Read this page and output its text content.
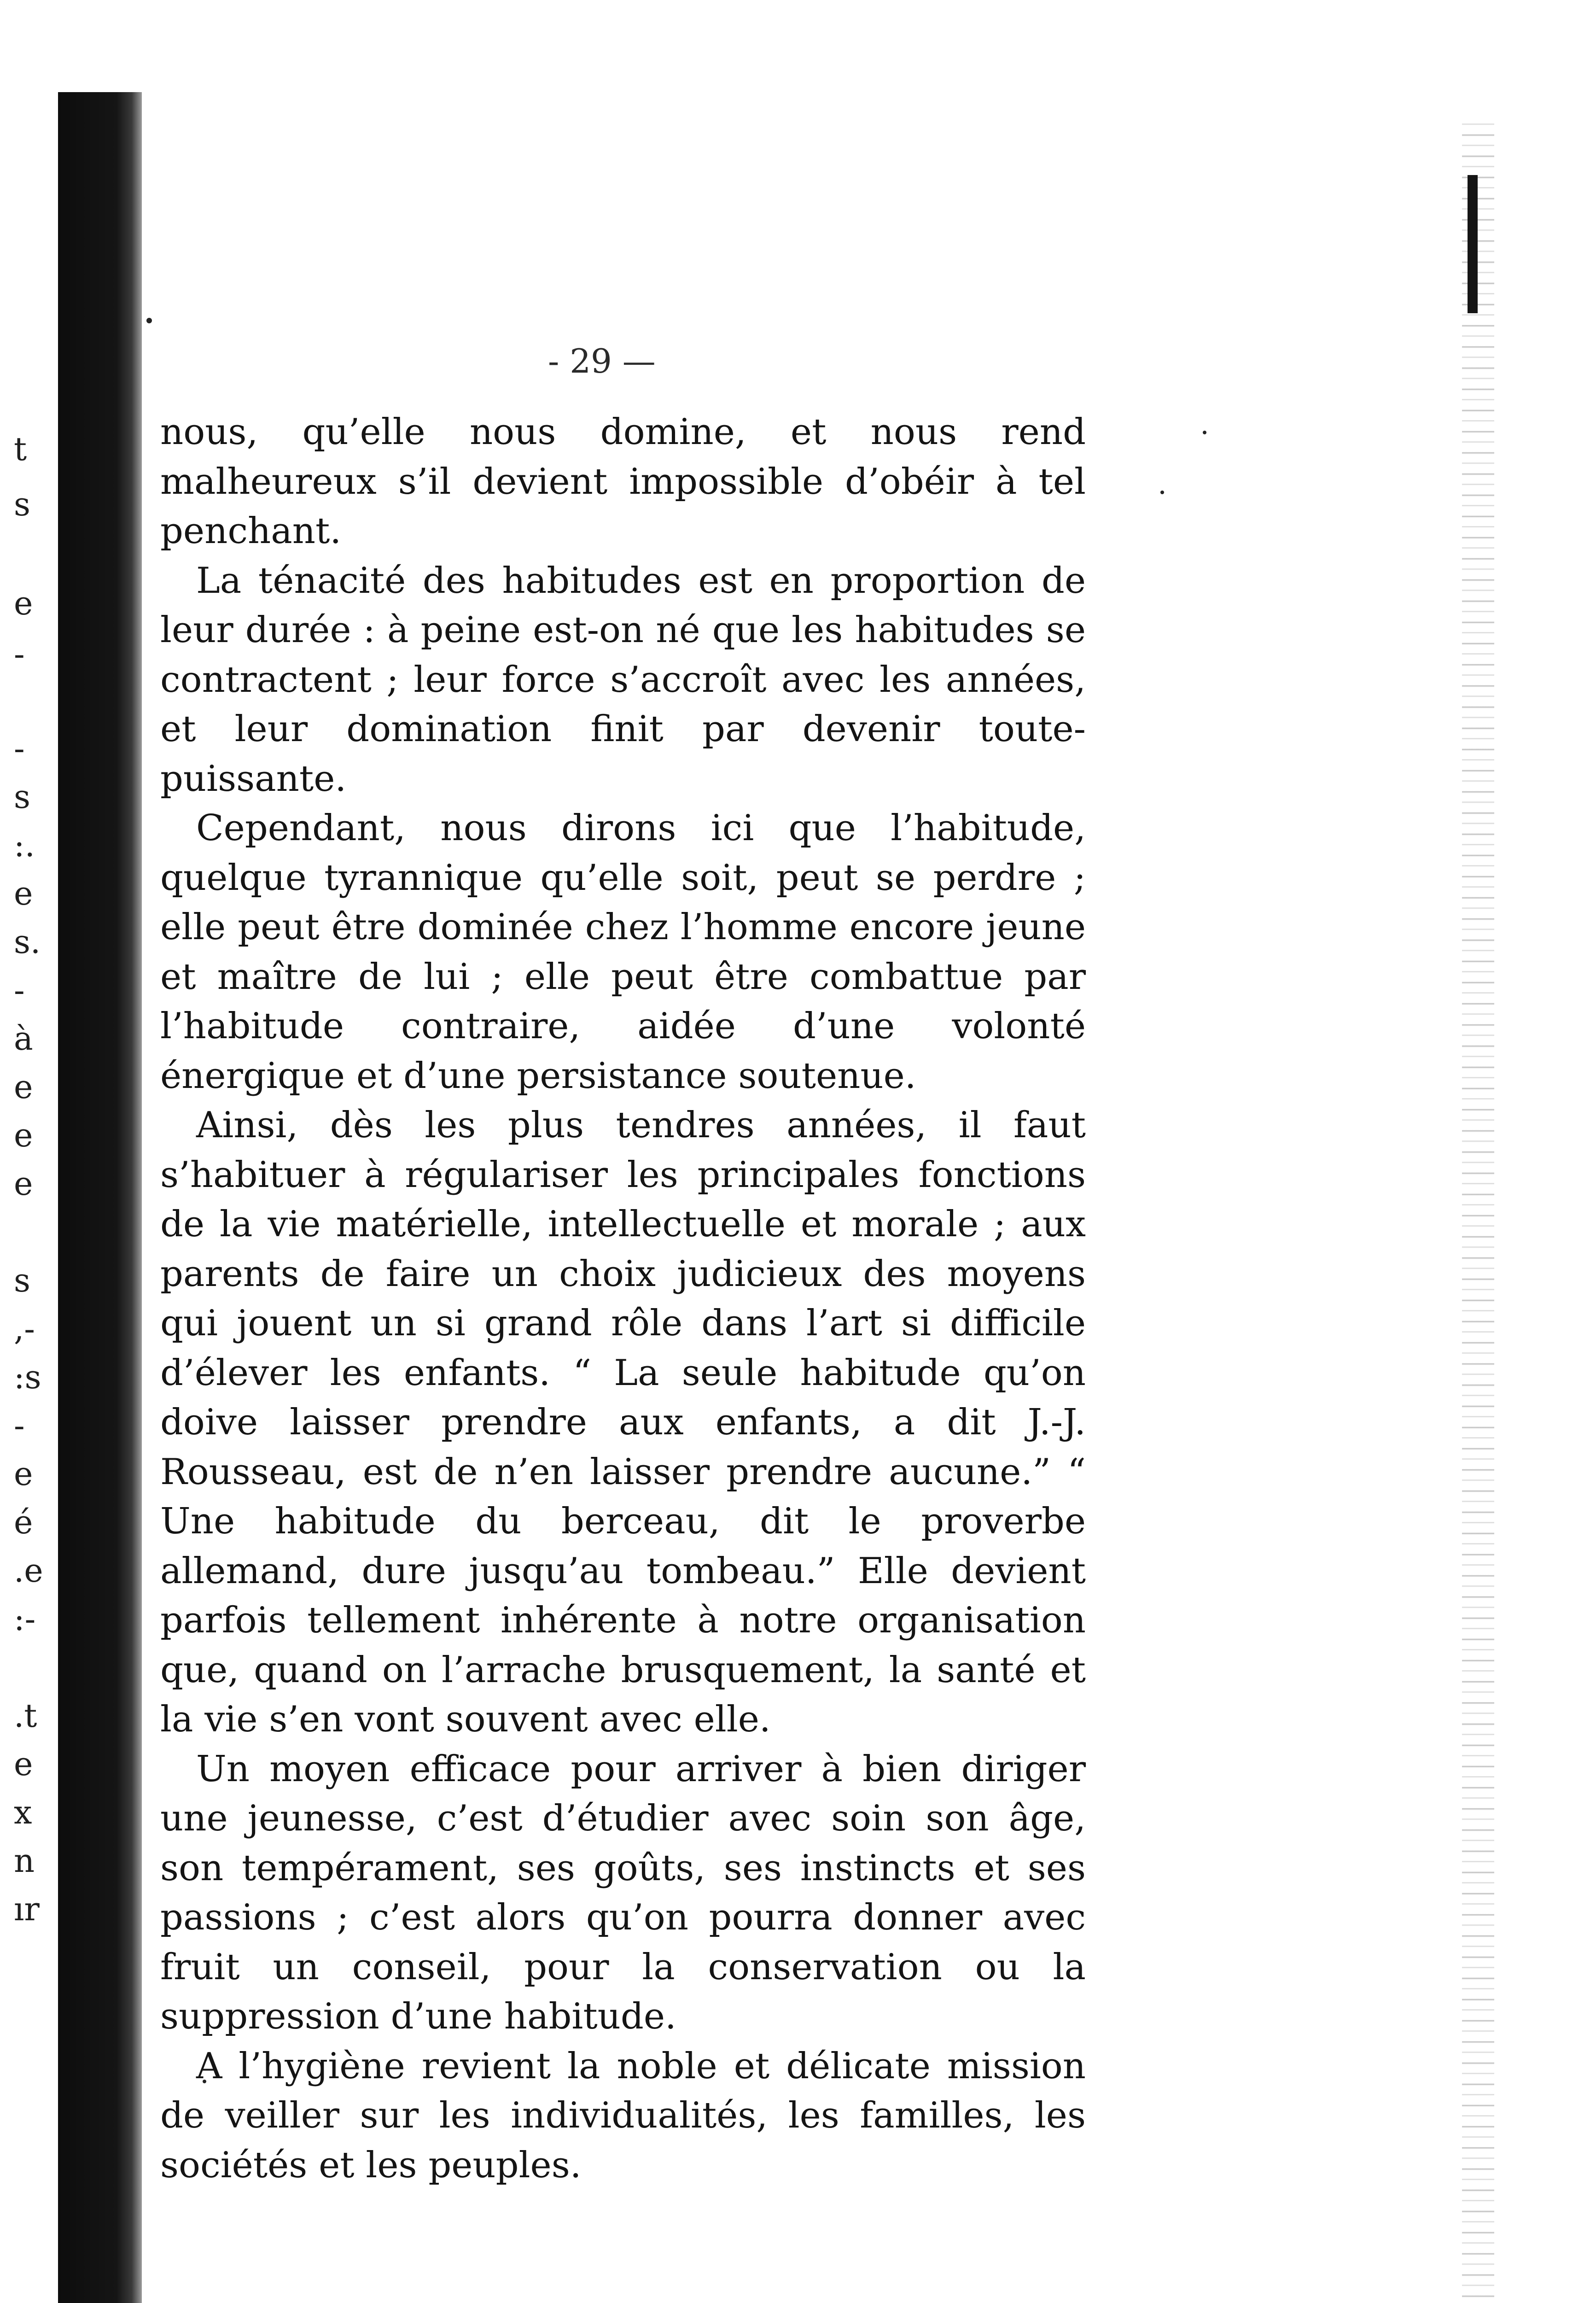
t
s
e
-
-
s
:.
e
s.
-
à
e
e
e
s
,-
:s
-
e
é
.e
:-
.t
e
x
n
ır
- 29 —

nous, qu’elle nous domine, et nous rend malheureux s’il devient impossible d’obéir à tel penchant.

La ténacité des habitudes est en proportion de leur durée : à peine est-on né que les habitudes se contractent ; leur force s’accroît avec les années, et leur domination finit par devenir toute-puissante.

Cependant, nous dirons ici que l’habitude, quelque tyrannique qu’elle soit, peut se perdre ; elle peut être dominée chez l’homme encore jeune et maître de lui ; elle peut être combattue par l’habitude contraire, aidée d’une volonté énergique et d’une persistance soutenue.

Ainsi, dès les plus tendres années, il faut s’habituer à régulariser les principales fonctions de la vie matérielle, intellectuelle et morale ; aux parents de faire un choix judicieux des moyens qui jouent un si grand rôle dans l’art si difficile d’élever les enfants. “ La seule habitude qu’on doive laisser prendre aux enfants, a dit J.-J. Rousseau, est de n’en laisser prendre aucune.” “ Une habitude du berceau, dit le proverbe allemand, dure jusqu’au tombeau.” Elle devient parfois tellement inhérente à notre organisation que, quand on l’arrache brusquement, la santé et la vie s’en vont souvent avec elle.

Un moyen efficace pour arriver à bien diriger une jeunesse, c’est d’étudier avec soin son âge, son tempérament, ses goûts, ses instincts et ses passions ; c’est alors qu’on pourra donner avec fruit un conseil, pour la conservation ou la suppression d’une habitude.

A l’hygiène revient la noble et délicate mission de veiller sur les individualités, les familles, les sociétés et les peuples.
